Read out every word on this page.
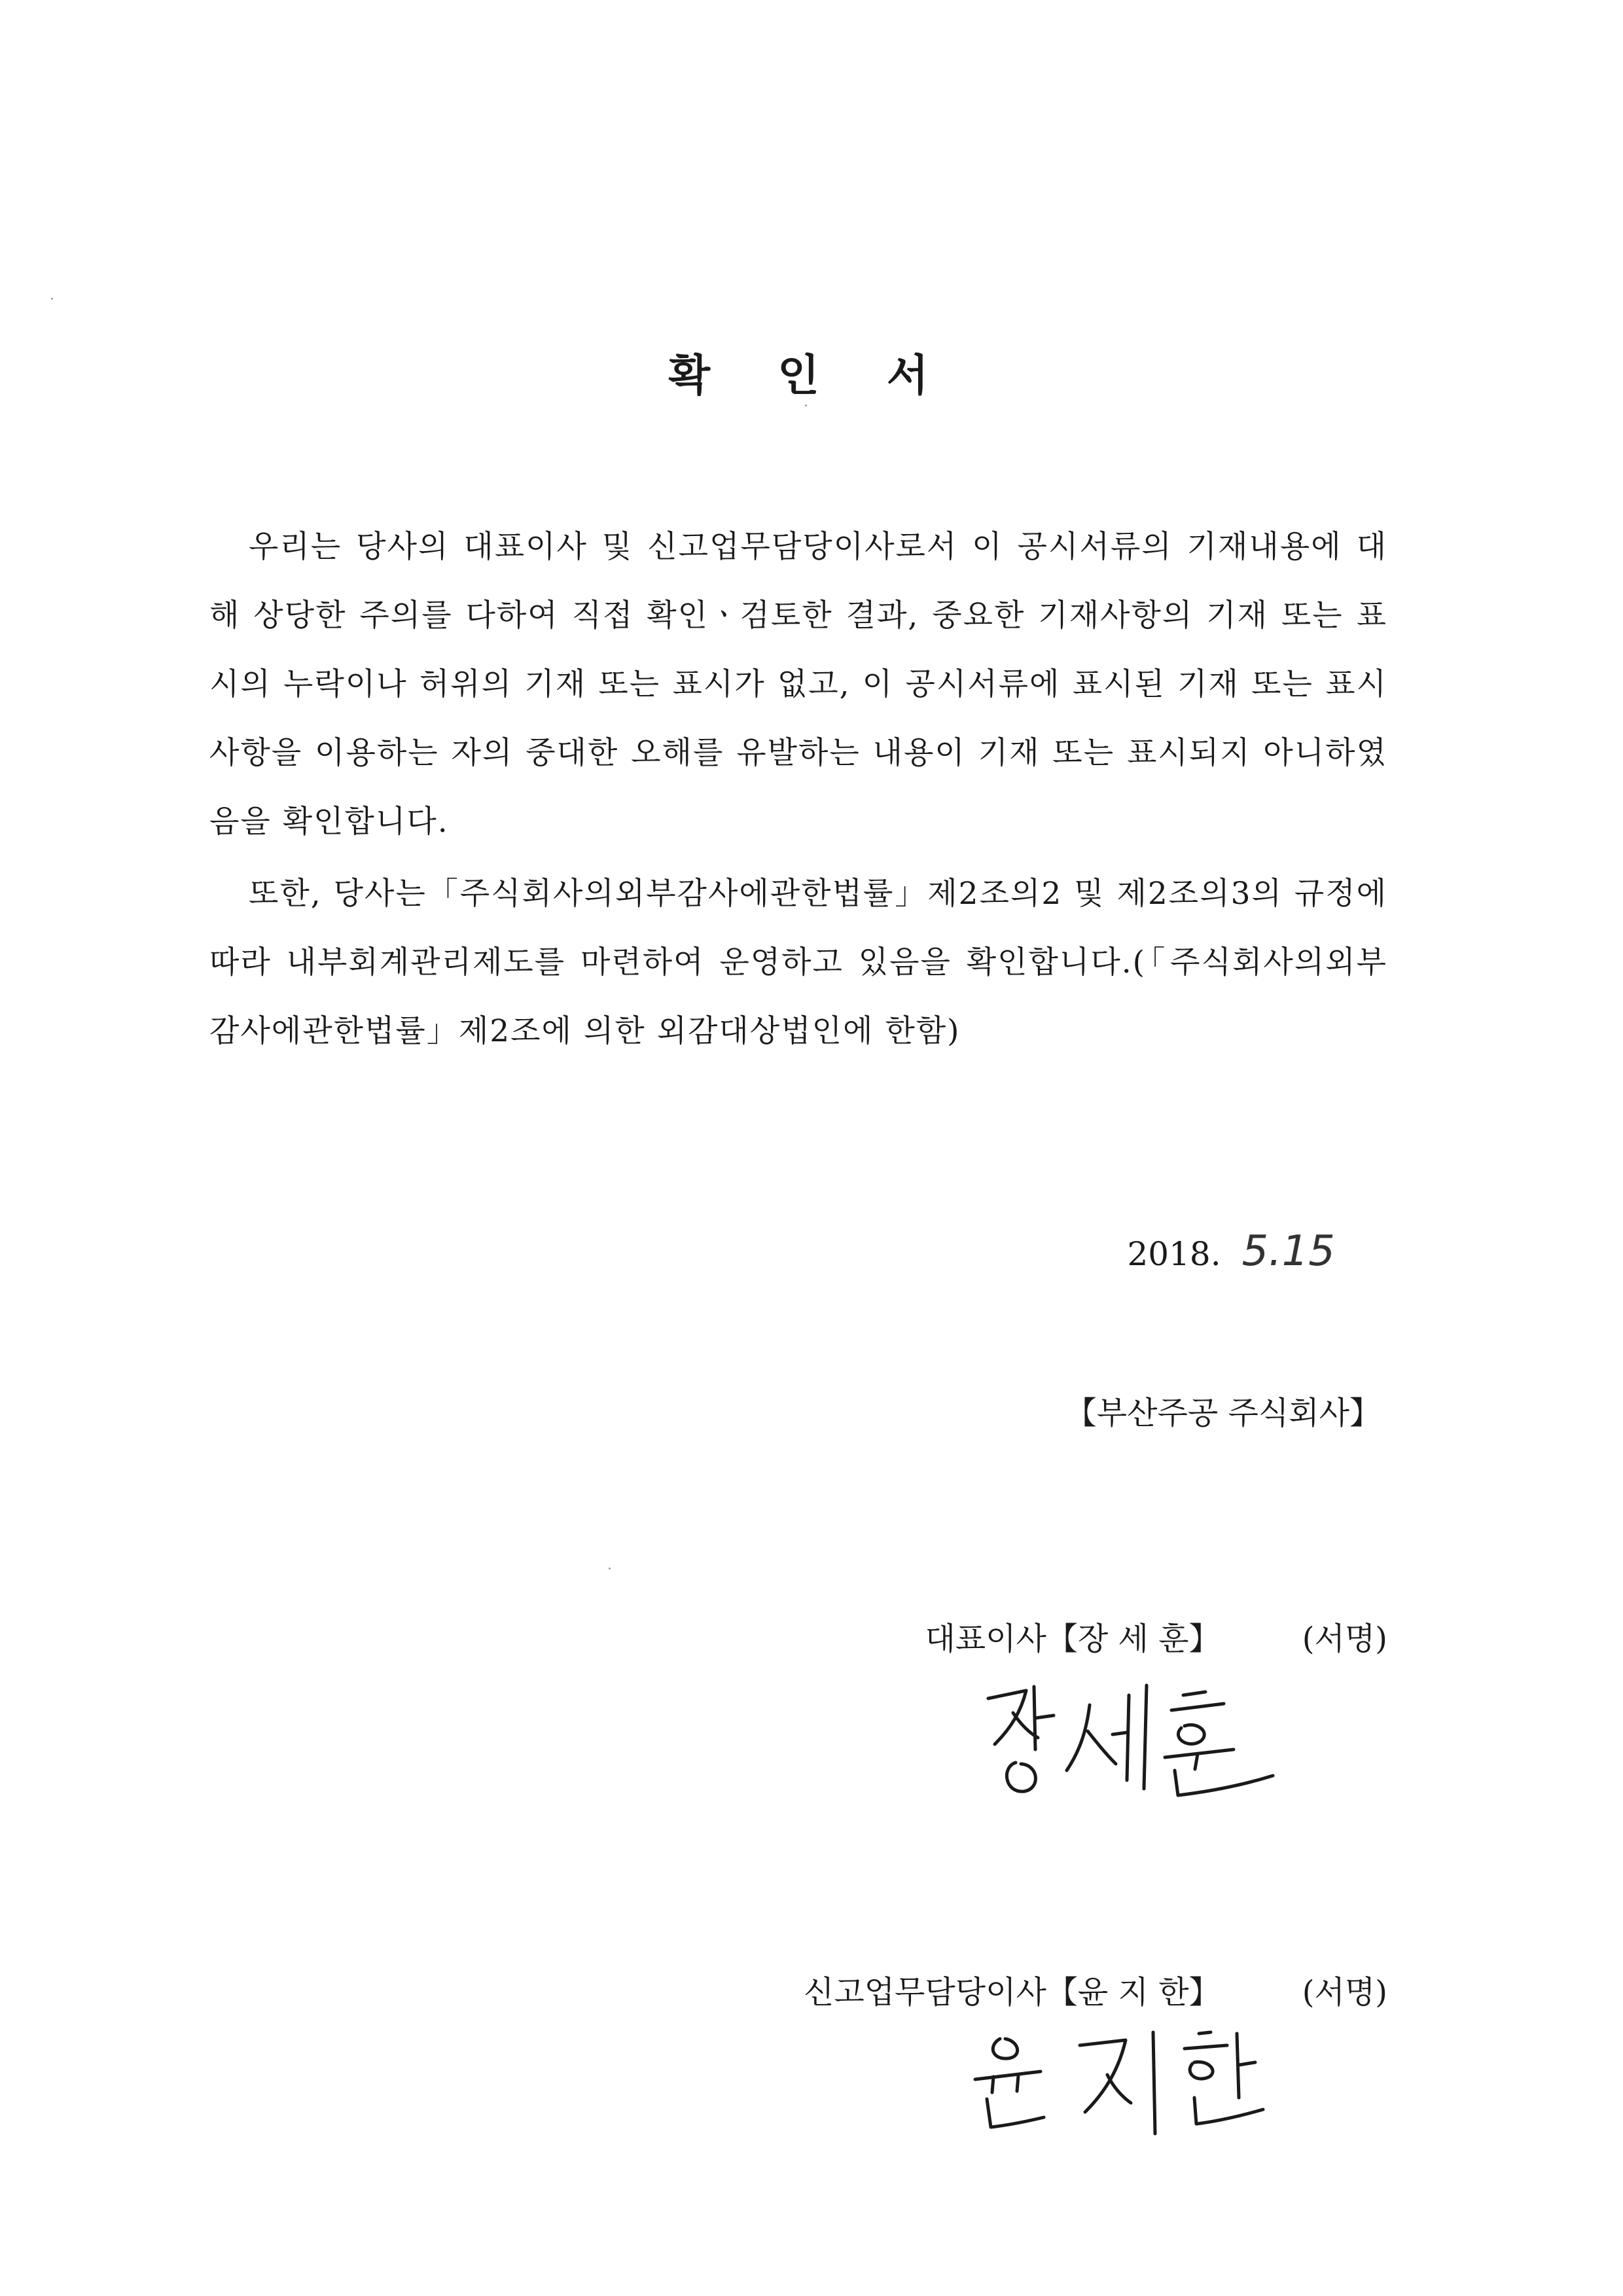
확 인 서
우리는 당사의 대표이사 및 신고업무담당이사로서 이 공시서류의 기재내용에 대해 상당한 주의를 다하여 직접 확인ㆍ검토한 결과, 중요한 기재사항의 기재 또는 표시의 누락이나 허위의 기재 또는 표시가 없고, 이 공시서류에 표시된 기재 또는 표시사항을 이용하는 자의 중대한 오해를 유발하는 내용이 기재 또는 표시되지 아니하였음을 확인합니다.
또한, 당사는「주식회사의외부감사에관한법률」제2조의2 및 제2조의3의 규정에 따라 내부회계관리제도를 마련하여 운영하고 있음을 확인합니다.(「주식회사의외부감사에관한법률」제2조에 의한 외감대상법인에 한함)
2018. 5.15
【부산주공 주식회사】
대표이사【장 세 훈】	(서명)
신고업무담당이사【윤 지 한】	(서명)
